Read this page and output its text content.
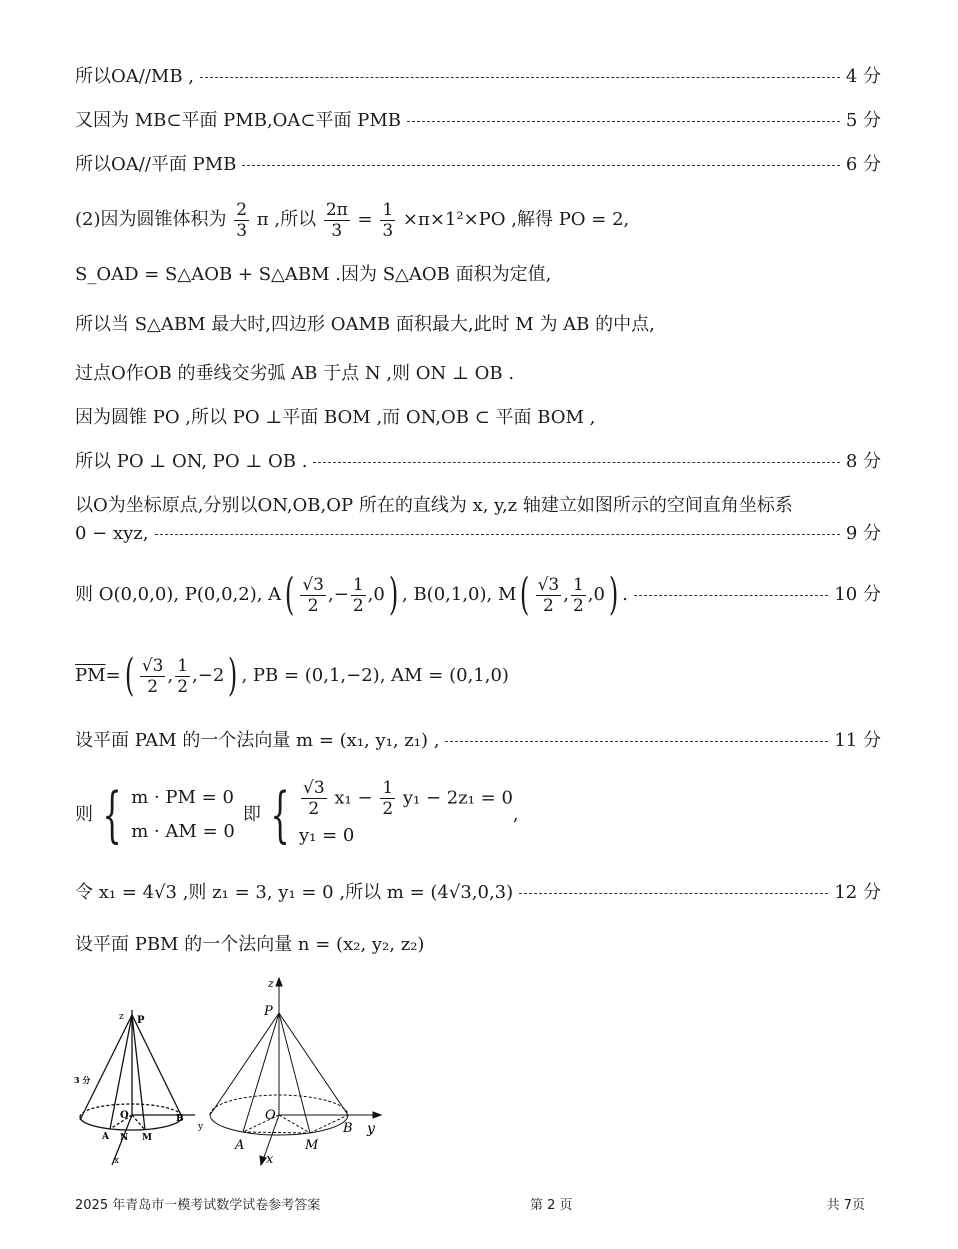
所以OA//MB ,	4 分
又因为 MB⊂平面 PMB,OA⊂平面 PMB	5 分
所以OA//平面 PMB	6 分
(2)因为圆锥体积为 $\frac{2}{3}$ π ,所以 $\frac{2\pi}{3} = \frac{1}{3} \times\pi\times 1^2\times PO$ ,解得 PO = 2,
S_OAD = S△AOB + S△ABM .因为 S△AOB 面积为定值,
所以当 S△ABM 最大时,四边形 OAMB 面积最大,此时 M 为 AB 的中点,
过点O作OB 的垂线交劣弧 AB 于点 N ,则 ON ⊥ OB .
因为圆锥 PO ,所以 PO ⊥平面 BOM ,而 ON,OB ⊂ 平面 BOM ,
所以 PO ⊥ ON, PO ⊥ OB .	8 分
以O为坐标原点,分别以ON,OB,OP 所在的直线为 x, y,z 轴建立如图所示的空间直角坐标系
0 − xyz,	9 分
则 O(0,0,0), P(0,0,2), A ( $\frac{√3}{2}$ ,− $\frac{1}{2} ,0$ ) , B(0,1,0), M ( $\frac{√3}{2}$ , $\frac{1}{2} ,0$ ) .	10 分
$\overline{PM}$ = ( $\frac{√3}{2}$ , $\frac{1}{2} ,-2$ ) , PB = (0,1,−2), AM = (0,1,0)
设平面 PAM 的一个法向量 m = (x₁, y₁, z₁) ,	11 分
则 { m · PM = 0
m · AM = 0
即 { $\frac{√3}{2} x_1 - \frac{1}{2} y_1 - 2z_1 = 0$
y₁ = 0
,
令 x₁ = 4√3 ,则 z₁ = 3, y₁ = 0 ,所以 m = (4√3,0,3)	12 分
设平面 PBM 的一个法向量 n = (x₂, y₂, z₂)
z P
3 分
O	B
y
A N M
x
z
P
O
B y
A	M
x
2025 年青岛市一模考试数学试卷参考答案	第 2 页	共 7页
